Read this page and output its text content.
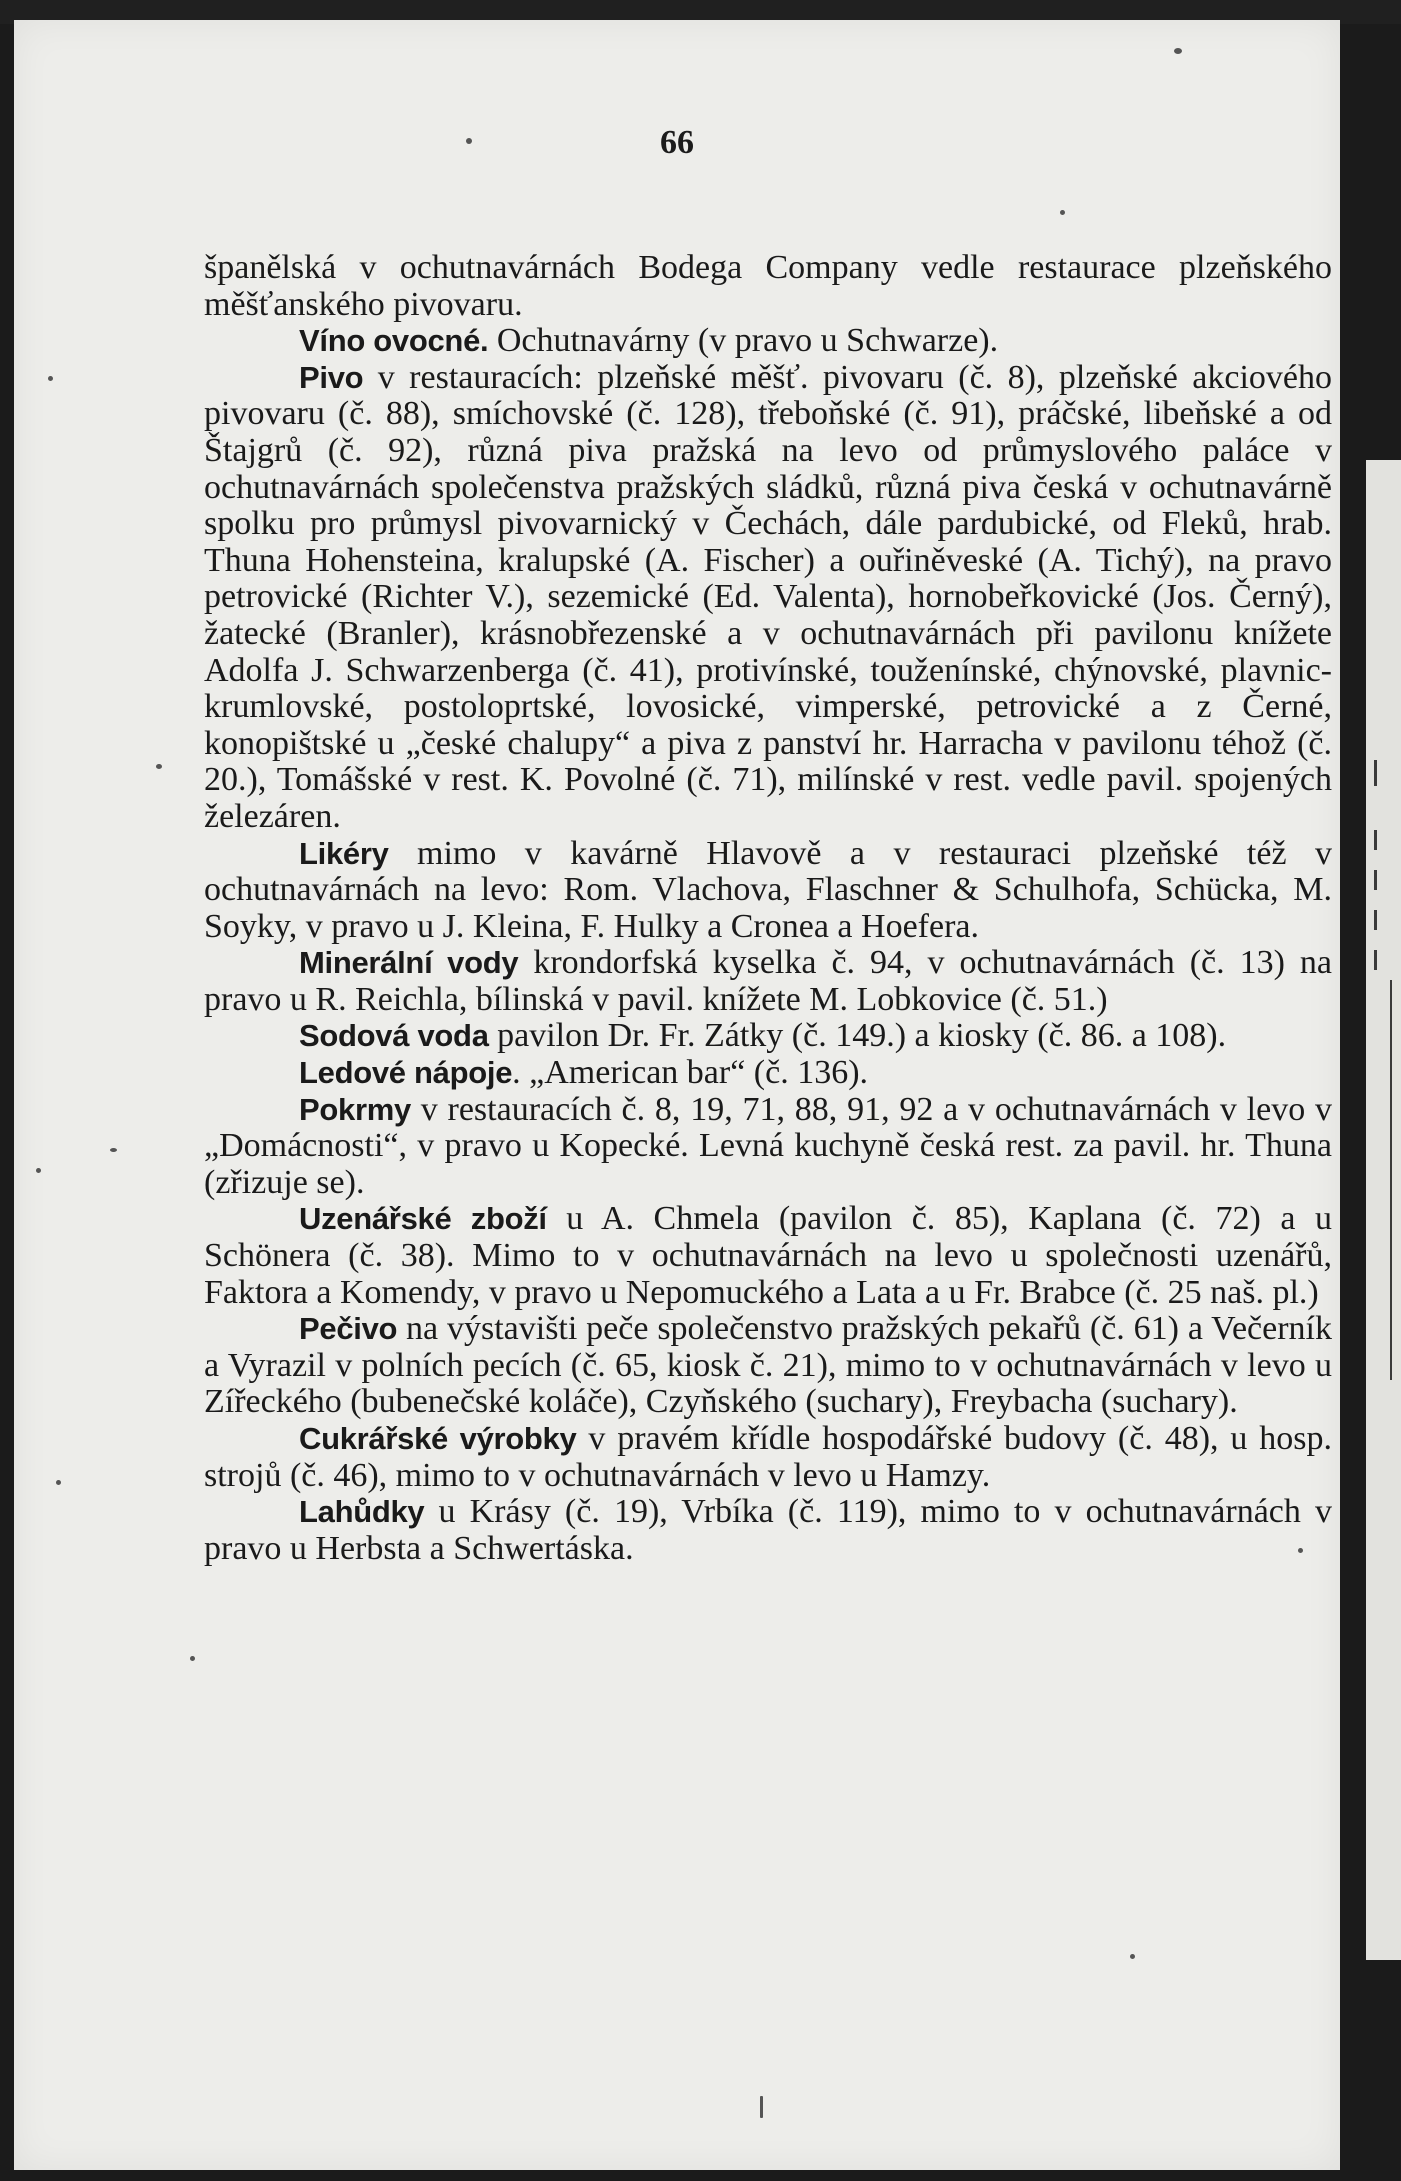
66

španělská v ochutnavárnách Bodega Company vedle restaurace plzeňského měšťanského pivovaru.

Víno ovocné. Ochutnavárny (v pravo u Schwarze).

Pivo v restauracích: plzeňské měšť. pivovaru (č. 8), plzeňské akciového pivovaru (č. 88), smíchovské (č. 128), třeboňské (č. 91), práčské, libeňské a od Štajgrů (č. 92), různá piva pražská na levo od průmyslového paláce v ochutnavárnách společenstva pražských sládků, různá piva česká v ochutnavárně spolku pro průmysl pivovarnický v Čechách, dále pardubické, od Fleků, hrab. Thuna Hohensteina, kralupské (A. Fischer) a ouřiněveské (A. Tichý), na pravo petrovické (Richter V.), sezemické (Ed. Valenta), hornobeřkovické (Jos. Černý), žatecké (Branler), krásnobřezenské a v ochutnavárnách při pavilonu knížete Adolfa J. Schwarzenberga (č. 41), protivínské, touženínské, chýnovské, plavnic-krumlovské, postoloprtské, lovosické, vimperské, petrovické a z Černé, konopištské u „české chalupy“ a piva z panství hr. Harracha v pavilonu téhož (č. 20.), Tomášské v rest. K. Povolné (č. 71), milínské v rest. vedle pavil. spojených železáren.

Likéry mimo v kavárně Hlavově a v restauraci plzeňské též v ochutnavárnách na levo: Rom. Vlachova, Flaschner & Schulhofa, Schücka, M. Soyky, v pravo u J. Kleina, F. Hulky a Cronea a Hoefera.

Minerální vody krondorfská kyselka č. 94, v ochutnavárnách (č. 13) na pravo u R. Reichla, bílinská v pavil. knížete M. Lobkovice (č. 51.)

Sodová voda pavilon Dr. Fr. Zátky (č. 149.) a kiosky (č. 86. a 108).

Ledové nápoje. „American bar“ (č. 136).

Pokrmy v restauracích č. 8, 19, 71, 88, 91, 92 a v ochutnavárnách v levo v „Domácnosti“, v pravo u Kopecké. Levná kuchyně česká rest. za pavil. hr. Thuna (zřizuje se).

Uzenářské zboží u A. Chmela (pavilon č. 85), Kaplana (č. 72) a u Schönera (č. 38). Mimo to v ochutnavárnách na levo u společnosti uzenářů, Faktora a Komendy, v pravo u Nepomuckého a Lata a u Fr. Brabce (č. 25 naš. pl.)

Pečivo na výstavišti peče společenstvo pražských pekařů (č. 61) a Večerník a Vyrazil v polních pecích (č. 65, kiosk č. 21), mimo to v ochutnavárnách v levo u Zířeckého (bubenečské koláče), Czyňského (suchary), Freybacha (suchary).

Cukrářské výrobky v pravém křídle hospodářské budovy (č. 48), u hosp. strojů (č. 46), mimo to v ochutnavárnách v levo u Hamzy.

Lahůdky u Krásy (č. 19), Vrbíka (č. 119), mimo to v ochutnavárnách v pravo u Herbsta a Schwertáska.
